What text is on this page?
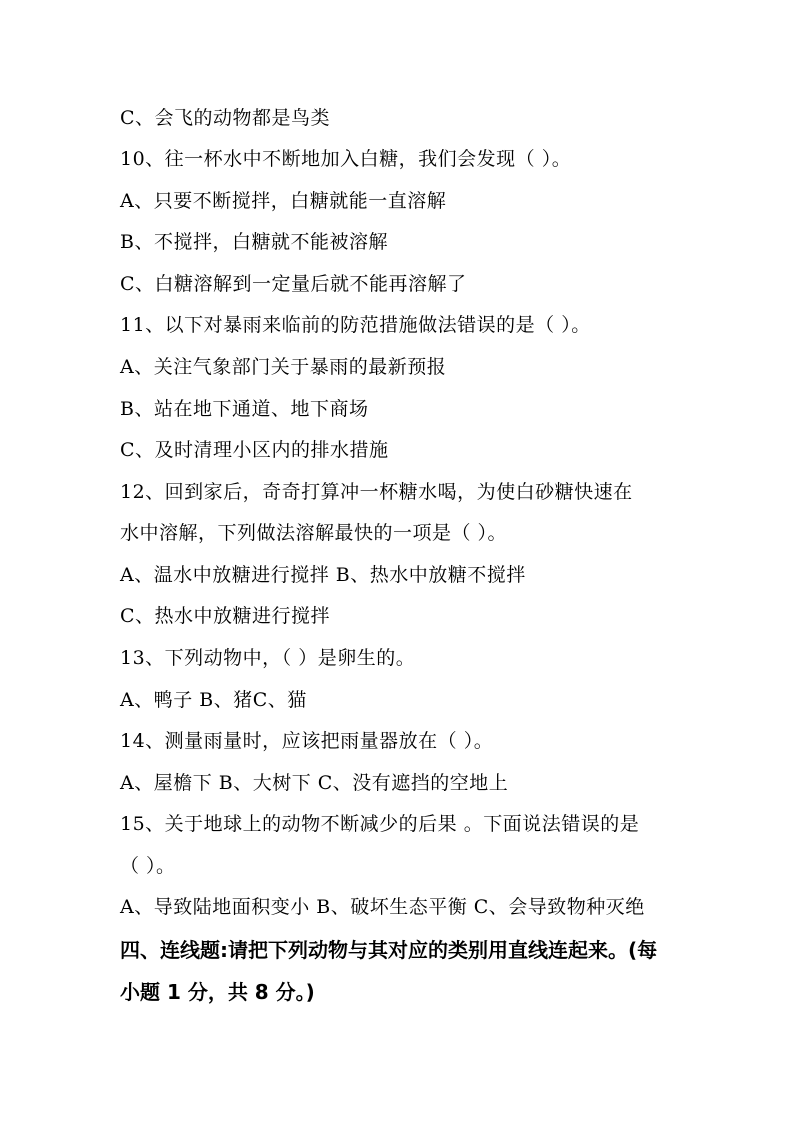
C、会飞的动物都是鸟类
10、往一杯水中不断地加入白糖，我们会发现（ ）。
A、只要不断搅拌，白糖就能一直溶解
B、不搅拌，白糖就不能被溶解
C、白糖溶解到一定量后就不能再溶解了
11、以下对暴雨来临前的防范措施做法错误的是（ ）。
A、关注气象部门关于暴雨的最新预报
B、站在地下通道、地下商场
C、及时清理小区内的排水措施
12、回到家后，奇奇打算冲一杯糖水喝，为使白砂糖快速在
水中溶解，下列做法溶解最快的一项是（ ）。
A、温水中放糖进行搅拌 B、热水中放糖不搅拌
C、热水中放糖进行搅拌
13、下列动物中，（ ）是卵生的。
A、鸭子 B、猪C、猫
14、测量雨量时，应该把雨量器放在（ ）。
A、屋檐下 B、大树下 C、没有遮挡的空地上
15、关于地球上的动物不断减少的后果 。下面说法错误的是
（ ）。
A、导致陆地面积变小 B、破坏生态平衡 C、会导致物种灭绝
四、连线题:请把下列动物与其对应的类别用直线连起来。(每
小题 1 分，共 8 分。)
